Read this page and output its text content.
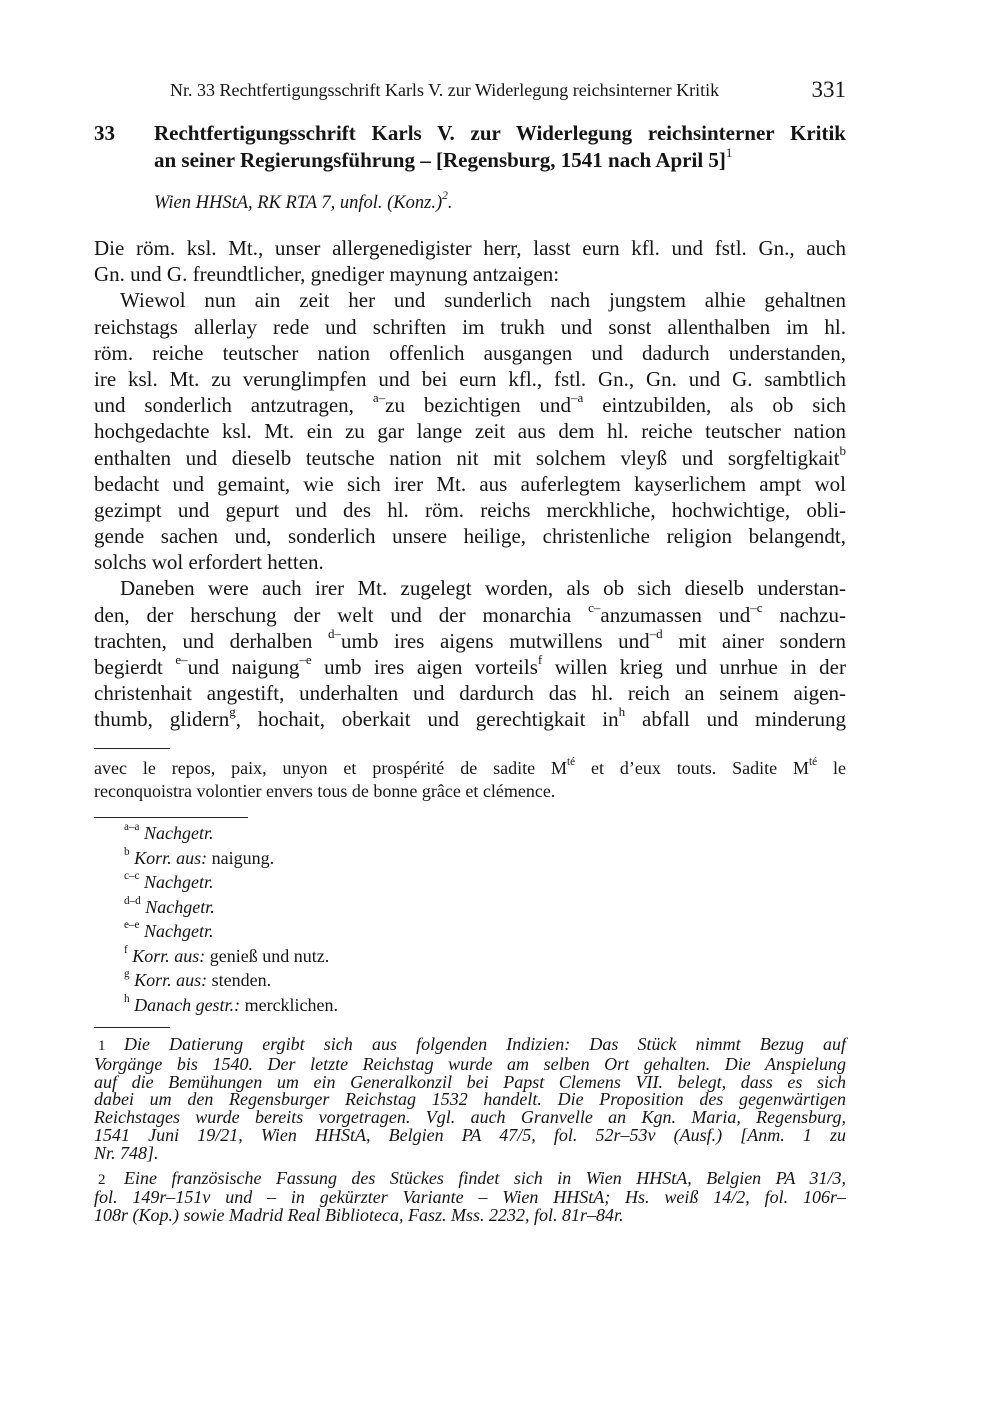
Nr. 33 Rechtfertigungsschrift Karls V. zur Widerlegung reichsinterner Kritik	331
33 Rechtfertigungsschrift Karls V. zur Widerlegung reichsinterner Kritik
an seiner Regierungsführung – [Regensburg, 1541 nach April 5]$^1$
Wien HHStA, RK RTA 7, unfol. (Konz.)$^2$.
Die röm. ksl. Mt., unser allergenedigister herr, lasst eurn kfl. und fstl. Gn., auch
Gn. und G. freundtlicher, gnediger maynung antzaigen:
Wiewol nun ain zeit her und sunderlich nach jungstem alhie gehaltnen
reichstags allerlay rede und schriften im trukh und sonst allenthalben im hl.
röm. reiche teutscher nation offenlich ausgangen und dadurch understanden,
ire ksl. Mt. zu verunglimpfen und bei eurn kfl., fstl. Gn., Gn. und G. sambtlich
und sonderlich antzutragen, $^{a-}$zu bezichtigen und$^{-a}$ eintzubilden, als ob sich
hochgedachte ksl. Mt. ein zu gar lange zeit aus dem hl. reiche teutscher nation
enthalten und dieselb teutsche nation nit mit solchem vleyß und sorgfeltigkait$^b$
bedacht und gemaint, wie sich irer Mt. aus auferlegtem kayserlichem ampt wol
gezimpt und gepurt und des hl. röm. reichs merckhliche, hochwichtige, obli-
gende sachen und, sonderlich unsere heilige, christenliche religion belangendt,
solchs wol erfordert hetten.
Daneben were auch irer Mt. zugelegt worden, als ob sich dieselb understan-
den, der herschung der welt und der monarchia $^{c-}$anzumassen und$^{-c}$ nachzu-
trachten, und derhalben $^{d-}$umb ires aigens mutwillens und$^{-d}$ mit ainer sondern
begierdt $^{e-}$und naigung$^{-e}$ umb ires aigen vorteils$^f$ willen krieg und unrhue in der
christenhait angestift, underhalten und dardurch das hl. reich an seinem aigen-
thumb, glidern$^g$, hochait, oberkait und gerechtigkait $in^h$ abfall und minderung
avec le repos, paix, unyon et prospérité de sadite $M^{té}$ et d’eux touts. Sadite $M^{té}$ le
reconquoistra volontier envers tous de bonne grâce et clémence.
$^{a-a}$ Nachgetr.
$^b$ Korr. aus: naigung.
$^{c-c}$ Nachgetr.
$^{d-d}$ Nachgetr.
$^{e-e}$ Nachgetr.
$^f$ Korr. aus: genieß und nutz.
$^g$ Korr. aus: stenden.
$^h$ Danach gestr.: mercklichen.
1 Die Datierung ergibt sich aus folgenden Indizien: Das Stück nimmt Bezug auf
Vorgänge bis 1540. Der letzte Reichstag wurde am selben Ort gehalten. Die Anspielung
auf die Bemühungen um ein Generalkonzil bei Papst Clemens VII. belegt, dass es sich
dabei um den Regensburger Reichstag 1532 handelt. Die Proposition des gegenwärtigen
Reichstages wurde bereits vorgetragen. Vgl. auch Granvelle an Kgn. Maria, Regensburg,
1541 Juni 19/21, Wien HHStA, Belgien PA 47/5, fol. 52r–53v (Ausf.) [Anm. 1 zu
Nr. 748].
2 Eine französische Fassung des Stückes findet sich in Wien HHStA, Belgien PA 31/3,
fol. 149r–151v und – in gekürzter Variante – Wien HHStA; Hs. weiß 14/2, fol. 106r–
108r (Kop.) sowie Madrid Real Biblioteca, Fasz. Mss. 2232, fol. 81r–84r.
